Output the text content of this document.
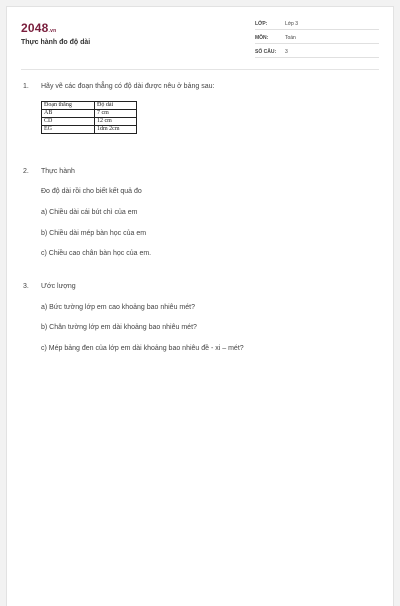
2048.vn
Thực hành đo độ dài
LỚP:	Lớp 3
MÔN:	Toán
SỐ CÂU: 3
1. Hãy vẽ các đoạn thẳng có độ dài được nêu ở bảng sau:
Đoạn thẳng	Độ dài
AB	7 cm
CD	12 cm
EG	1dm 2cm
2. Thực hành
Đo độ dài rồi cho biết kết quả đo
a) Chiều dài cái bút chì của em
b) Chiều dài mép bàn học của em
c) Chiều cao chân bàn học của em.
3. Ước lượng
a) Bức tường lớp em cao khoảng bao nhiêu mét?
b) Chân tường lớp em dài khoảng bao nhiêu mét?
c) Mép bảng đen của lớp em dài khoảng bao nhiêu đề - xi – mét?
